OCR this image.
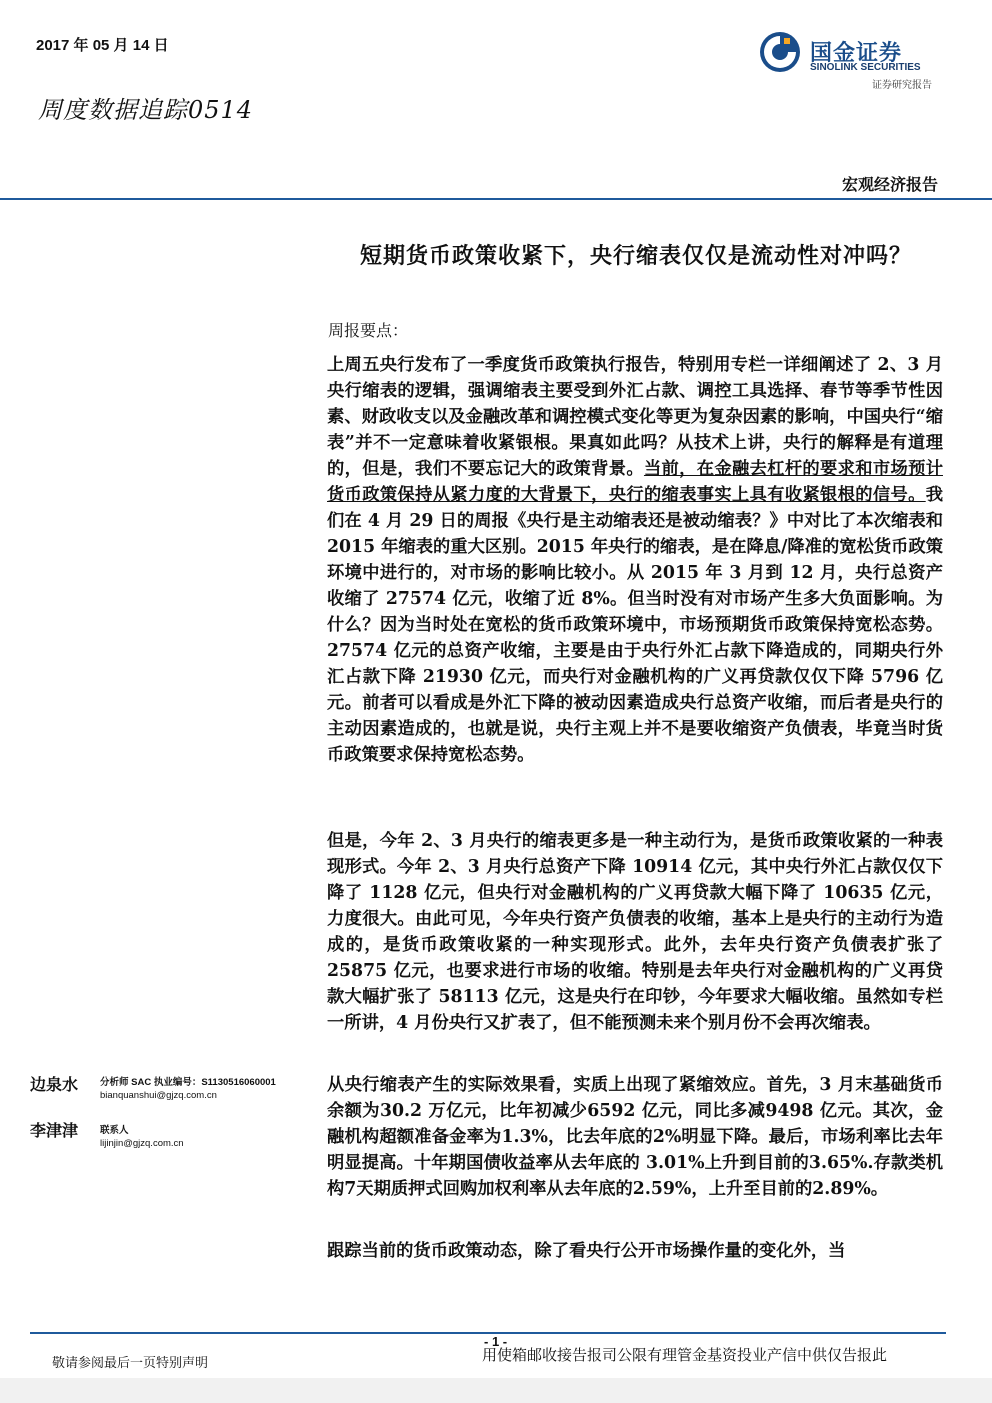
2017 年 05 月 14 日
周度数据追踪0514
国金证券
SINOLINK SECURITIES
证券研究报告
宏观经济报告
短期货币政策收紧下，央行缩表仅仅是流动性对冲吗？
周报要点：

上周五央行发布了一季度货币政策执行报告，特别用专栏一详细阐述了 2、3 月央行缩表的逻辑，强调缩表主要受到外汇占款、调控工具选择、春节等季节性因素、财政收支以及金融改革和调控模式变化等更为复杂因素的影响，中国央行“缩表”并不一定意味着收紧银根。果真如此吗？从技术上讲，央行的解释是有道理的，但是，我们不要忘记大的政策背景。当前，在金融去杠杆的要求和市场预计货币政策保持从紧力度的大背景下，央行的缩表事实上具有收紧银根的信号。我们在 4 月 29 日的周报《央行是主动缩表还是被动缩表？》中对比了本次缩表和 2015 年缩表的重大区别。2015 年央行的缩表，是在降息/降准的宽松货币政策环境中进行的，对市场的影响比较小。从 2015 年 3 月到 12 月，央行总资产收缩了 27574 亿元，收缩了近 8%。但当时没有对市场产生多大负面影响。为什么？因为当时处在宽松的货币政策环境中，市场预期货币政策保持宽松态势。27574 亿元的总资产收缩，主要是由于央行外汇占款下降造成的，同期央行外汇占款下降 21930 亿元，而央行对金融机构的广义再贷款仅仅下降 5796 亿元。前者可以看成是外汇下降的被动因素造成央行总资产收缩，而后者是央行的主动因素造成的，也就是说，央行主观上并不是要收缩资产负债表，毕竟当时货币政策要求保持宽松态势。

但是，今年 2、3 月央行的缩表更多是一种主动行为，是货币政策收紧的一种表现形式。今年 2、3 月央行总资产下降 10914 亿元，其中央行外汇占款仅仅下降了 1128 亿元，但央行对金融机构的广义再贷款大幅下降了 10635 亿元，力度很大。由此可见，今年央行资产负债表的收缩，基本上是央行的主动行为造成的，是货币政策收紧的一种实现形式。此外，去年央行资产负债表扩张了 25875 亿元，也要求进行市场的收缩。特别是去年央行对金融机构的广义再贷款大幅扩张了 58113 亿元，这是央行在印钞，今年要求大幅收缩。虽然如专栏一所讲，4 月份央行又扩表了，但不能预测未来个别月份不会再次缩表。

从央行缩表产生的实际效果看，实质上出现了紧缩效应。首先，3 月末基础货币余额为30.2 万亿元，比年初减少6592 亿元，同比多减9498 亿元。其次，金融机构超额准备金率为1.3%，比去年底的2%明显下降。最后，市场利率比去年明显提高。十年期国债收益率从去年底的 3.01%上升到目前的3.65%.存款类机构7天期质押式回购加权利率从去年底的2.59%，上升至目前的2.89%。

跟踪当前的货币政策动态，除了看央行公开市场操作量的变化外，当

边泉水 分析师 SAC 执业编号：S1130516060001
bianquanshui@gjzq.com.cn
李津津 联系人
lijinjin@gjzq.com.cn
- 1 -
敬请参阅最后一页特别声明	用使箱邮收接告报司公限有理管金基资投业产信中供仅告报此
